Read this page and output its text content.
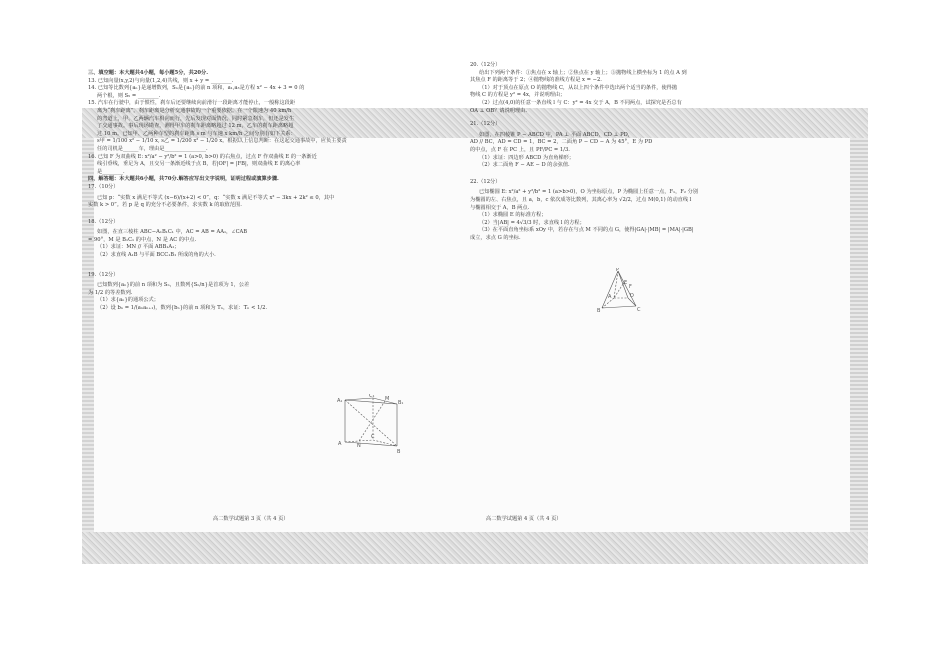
三、填空题：本大题共4小题，每小题5分，共20分.

13. 已知向量(x,y,2)与向量(1,2,4)共线，则 x + y = ________.

14. 已知等比数列{aₙ}是递增数列，Sₙ是{aₙ}的前 n 项和，a₁,a₃是方程 x² − 4x + 3 = 0 的

两个根，则 S₅ = ________.

15. 汽车在行驶中，由于惯性，刹车后还要继续向前滑行一段距离才能停止，一般称这段距

离为“刹车距离”。刹车距离是分析交通事故的一个重要依据。在一个限速为 40 km/h

的弯道上，甲、乙两辆汽车相向而行，先后发现对面情况，同时紧急刹车，但还是发生

了交通事故。事后现场勘查，测得甲车的刹车距离略超过 12 m，乙车的刹车距离略超

过 10 m。已知甲、乙两种车型的刹车距离 s m 与车速 x km/h 之间分别有如下关系：

s甲 = 1/100 x² − 1/10 x, s乙 = 1/200 x² − 1/20 x。根据以上信息判断：在这起交通事故中，应负主要责

任的司机是______车，理由是________________.

16. 已知 F 为双曲线 E: x²/a² − y²/b² = 1 (a>0, b>0) 的右焦点，过点 F 作双曲线 E 的一条渐近

线引垂线，垂足为 A，且交另一条渐近线于点 B，若|OF| = |FB|，则双曲线 E 的离心率

是________.

四、解答题：本大题共6小题，共70分.解答应写出文字说明，证明过程或演算步骤.

17.（10分）

已知 p：“实数 x 满足不等式 (x−6)/(x+2) < 0”，q：“实数 x 满足不等式 x² − 3kx + 2k² ≤ 0，其中

实数 k > 0”。若 p 是 q 的充分不必要条件，求实数 k 的取值范围.

18.（12分）

如图，在直三棱柱 ABC−A₁B₁C₁ 中，AC = AB = AA₁，∠CAB

= 90°，M 是 B₁C₁ 的中点，N 是 AC 的中点.

（1）求证：MN // 平面 ABB₁A₁；

（2）求直线 A₁B 与平面 BCC₁B₁ 所成的角的大小.

19.（12分）

已知数列{aₙ}的前 n 项和为 Sₙ，且数列{Sₙ/n}是首项为 1，公差

为 1/2 的等差数列.

（1）求{aₙ}的通项公式；

（2）设 bₙ = 1/(aₙaₙ₊₁)，数列{bₙ}的前 n 项和为 Tₙ，求证：Tₙ < 1/2.

高二数学试题第 3 页（共 4 页）

20.（12分）

给出下列两个条件：①焦点在 x 轴上；②焦点在 y 轴上；③抛物线上横坐标为 1 的点 A 到

其焦点 F 的距离等于 2；④抛物线的准线方程是 x = −2.

（1）对于顶点在原点 O 的抛物线 C，从以上四个条件中选出两个适当的条件，使得抛

物线 C 的方程是 y² = 4x，并说明理由；

（2）过点(4,0)的任意一条直线 l 与 C：y² = 4x 交于 A，B 不同两点，试探究是否总有

OA ⊥ OB？请说明理由.

21.（12分）

如图，在四棱锥 P − ABCD 中，PA ⊥ 平面 ABCD，CD ⊥ PD，

AD // BC，AD = CD = 1，BC = 2，二面角 P − CD − A 为 45°，E 为 PD

的中点，点 F 在 PC 上，且 PF/PC = 1/3.

（1）求证：四边形 ABCD 为直角梯形；

（2）求二面角 F − AE − D 的余弦值.

22.（12分）

已知椭圆 E: x²/a² + y²/b² = 1 (a>b>0)，O 为坐标原点，P 为椭圆上任意一点，F₁，F₂ 分别

为椭圆的左、右焦点，且 a，b，c 依次成等比数列，其离心率为 √2/2，过点 M(0,1) 的动直线 l

与椭圆相交于 A，B 两点.

（1）求椭圆 E 的标准方程；

（2）当|AB| = 4√3/3 时，求直线 l 的方程；

（3）在平面直角坐标系 xOy 中，若存在与点 M 不同的点 G，使得|GA|·|MB| = |MA|·|GB|

成立，求点 G 的坐标.

高二数学试题第 4 页（共 4 页）
A₁
C₁
B₁
M
A
C
N
B
P
F
E
A	D
B	C
